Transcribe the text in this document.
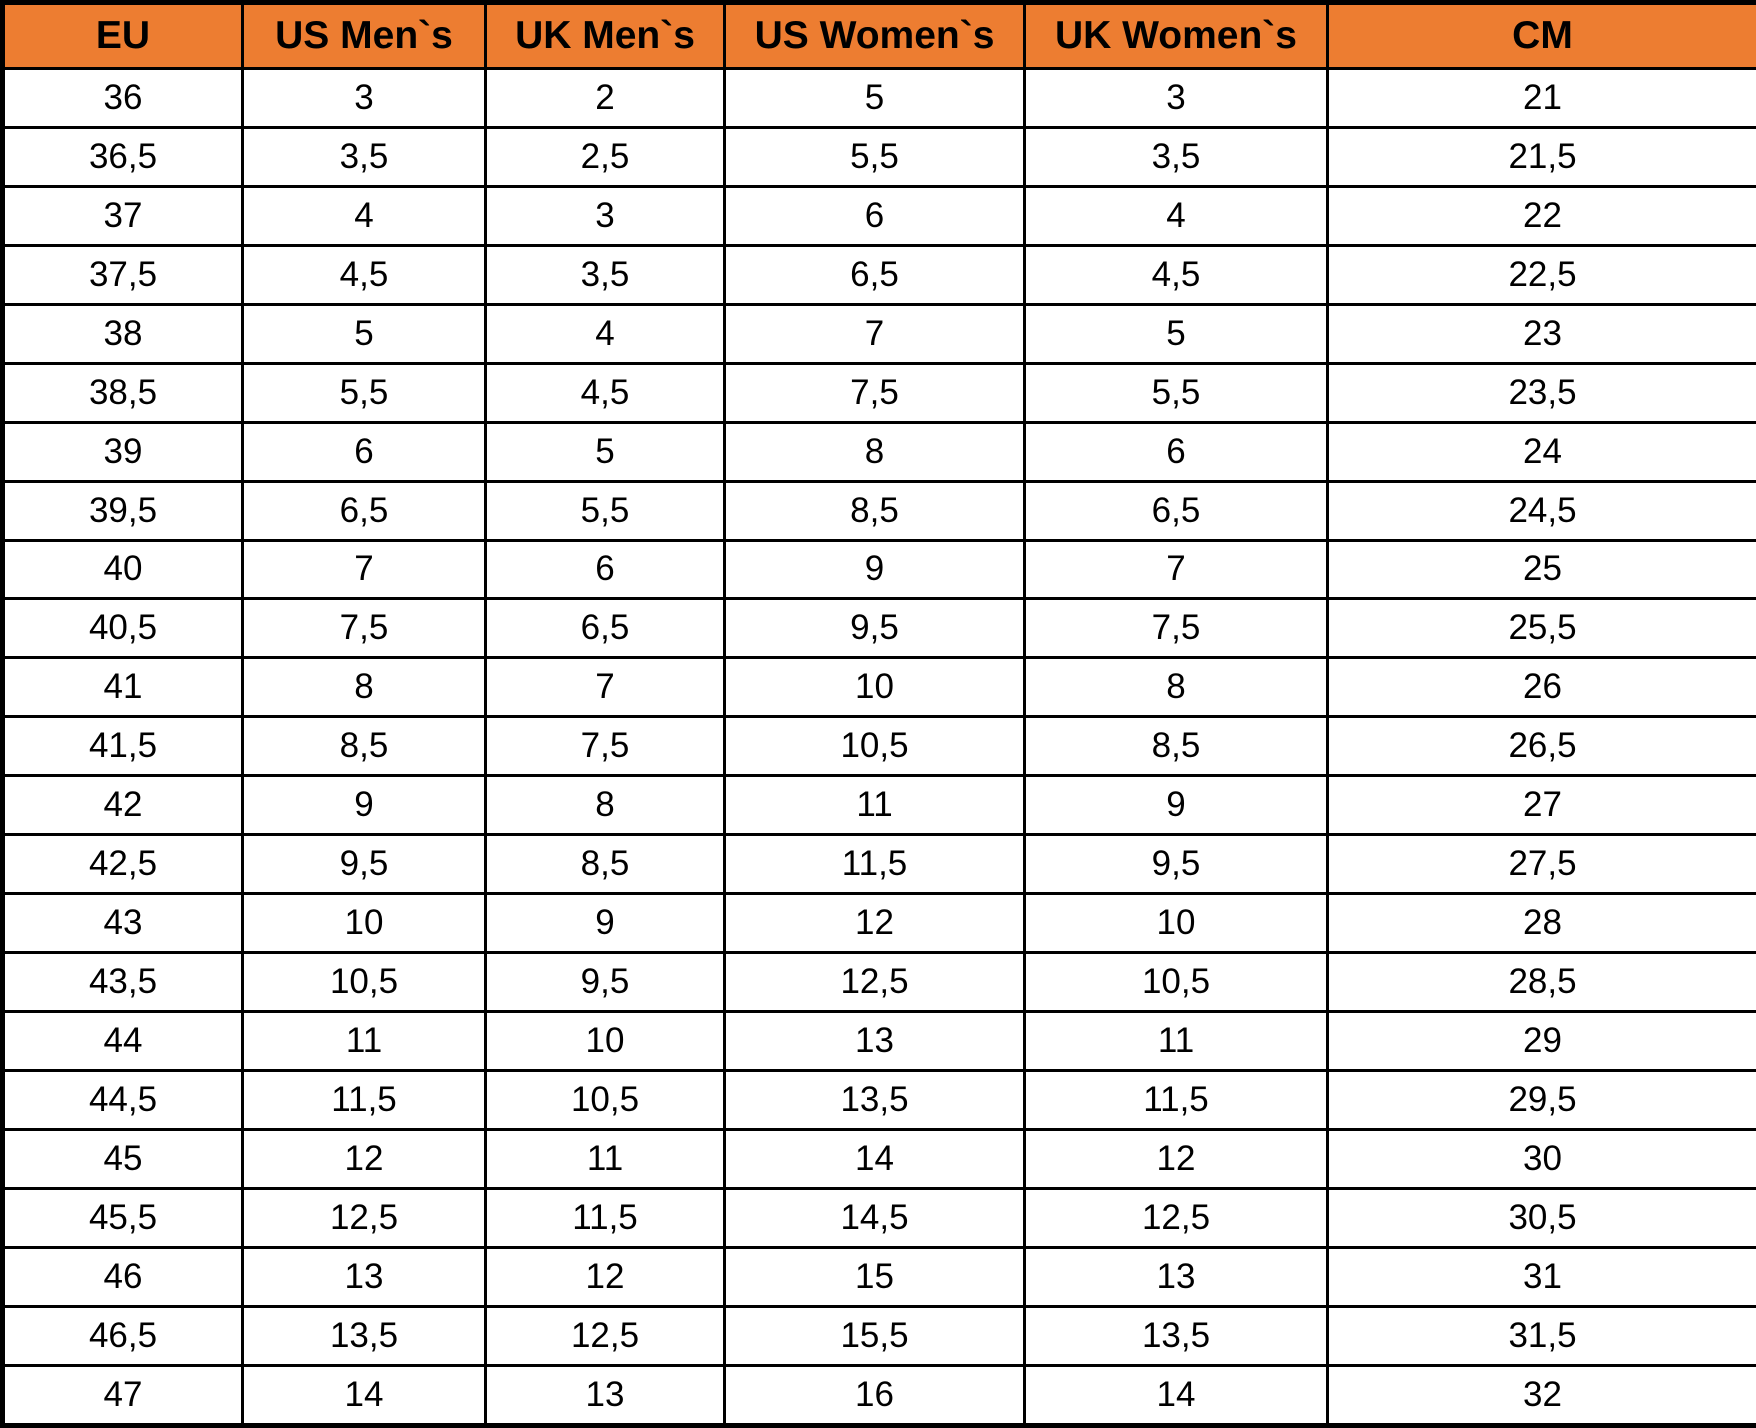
EU	US Men`s	UK Men`s	US Women`s	UK Women`s	CM
36	3	2	5	3	21
36,5	3,5	2,5	5,5	3,5	21,5
37	4	3	6	4	22
37,5	4,5	3,5	6,5	4,5	22,5
38	5	4	7	5	23
38,5	5,5	4,5	7,5	5,5	23,5
39	6	5	8	6	24
39,5	6,5	5,5	8,5	6,5	24,5
40	7	6	9	7	25
40,5	7,5	6,5	9,5	7,5	25,5
41	8	7	10	8	26
41,5	8,5	7,5	10,5	8,5	26,5
42	9	8	11	9	27
42,5	9,5	8,5	11,5	9,5	27,5
43	10	9	12	10	28
43,5	10,5	9,5	12,5	10,5	28,5
44	11	10	13	11	29
44,5	11,5	10,5	13,5	11,5	29,5
45	12	11	14	12	30
45,5	12,5	11,5	14,5	12,5	30,5
46	13	12	15	13	31
46,5	13,5	12,5	15,5	13,5	31,5
47	14	13	16	14	32
